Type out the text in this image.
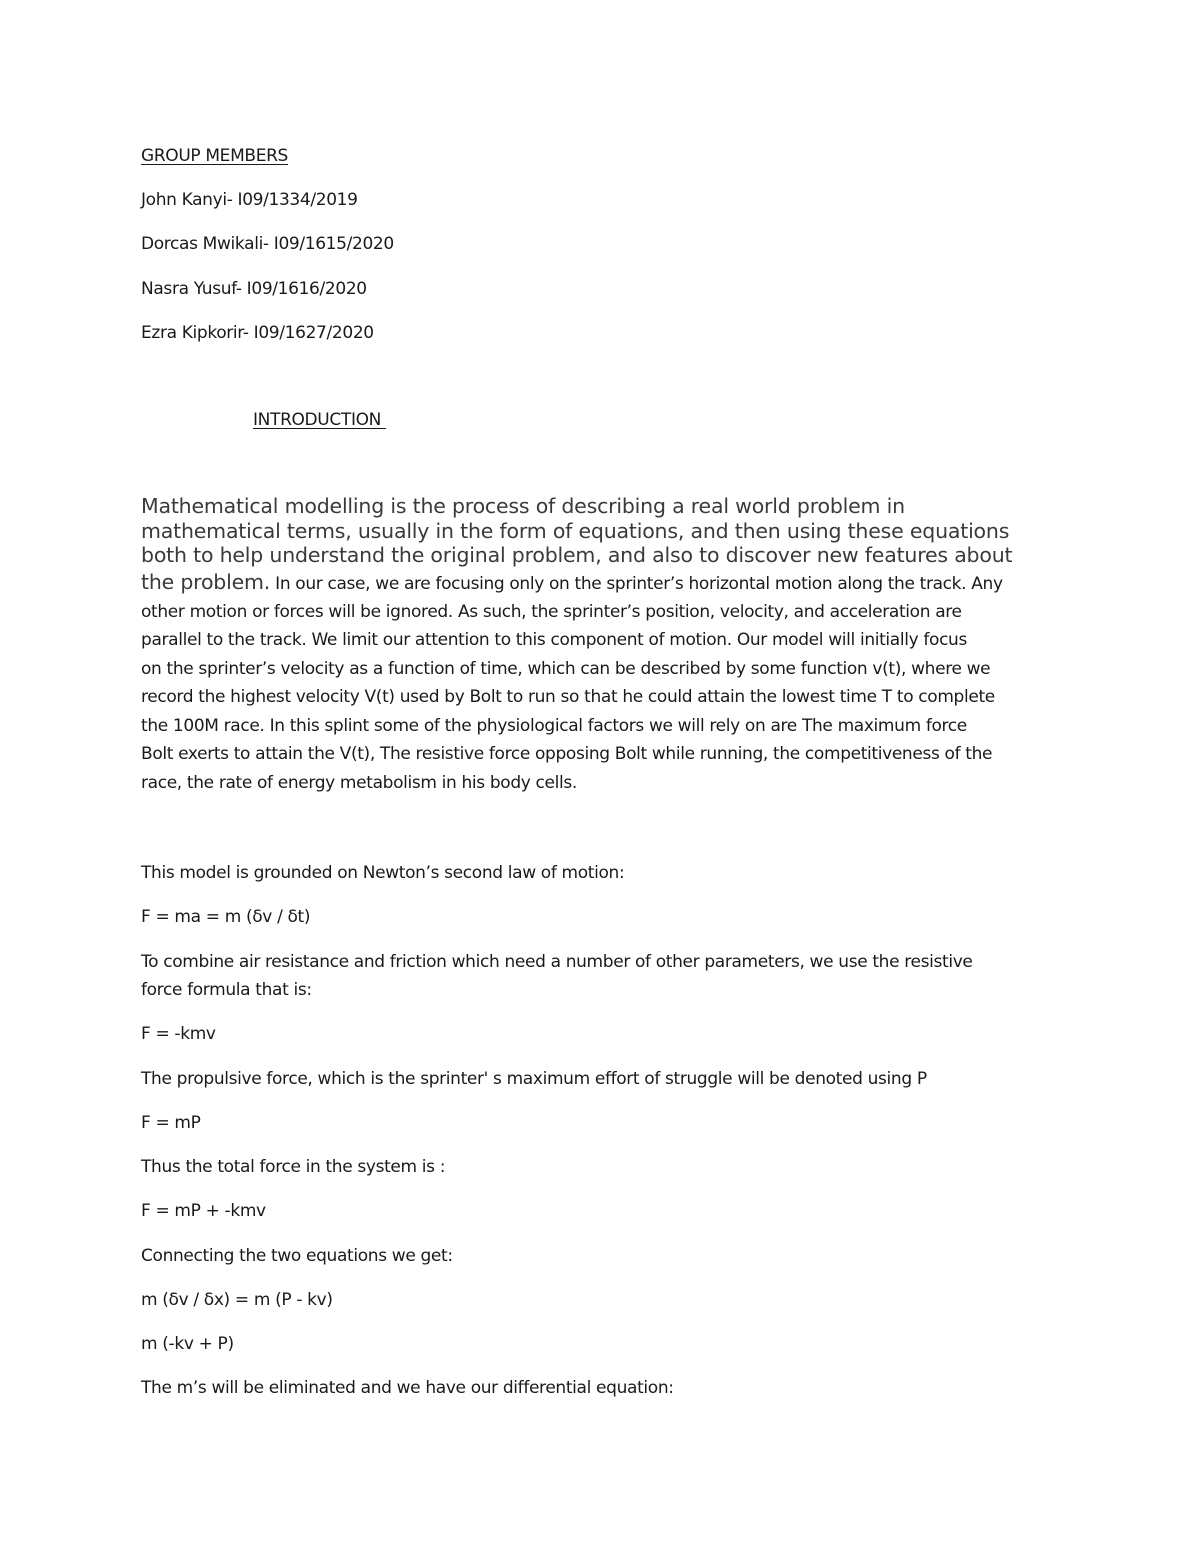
GROUP MEMBERS
John Kanyi- I09/1334/2019
Dorcas Mwikali- I09/1615/2020
Nasra Yusuf- I09/1616/2020
Ezra Kipkorir- I09/1627/2020
INTRODUCTION
Mathematical modelling is the process of describing a real world problem in
mathematical terms, usually in the form of equations, and then using these equations
both to help understand the original problem, and also to discover new features about
the problem. In our case, we are focusing only on the sprinter’s horizontal motion along the track. Any
other motion or forces will be ignored. As such, the sprinter’s position, velocity, and acceleration are
parallel to the track. We limit our attention to this component of motion. Our model will initially focus
on the sprinter’s velocity as a function of time, which can be described by some function v(t), where we
record the highest velocity V(t) used by Bolt to run so that he could attain the lowest time T to complete
the 100M race. In this splint some of the physiological factors we will rely on are The maximum force
Bolt exerts to attain the V(t), The resistive force opposing Bolt while running, the competitiveness of the
race, the rate of energy metabolism in his body cells.
This model is grounded on Newton’s second law of motion:
F = ma = m (δv / δt)
To combine air resistance and friction which need a number of other parameters, we use the resistive
force formula that is:
F = -kmv
The propulsive force, which is the sprinter' s maximum effort of struggle will be denoted using P
F = mP
Thus the total force in the system is :
F = mP + -kmv
Connecting the two equations we get:
m (δv / δx) = m (P - kv)
m (-kv + P)
The m’s will be eliminated and we have our differential equation:
